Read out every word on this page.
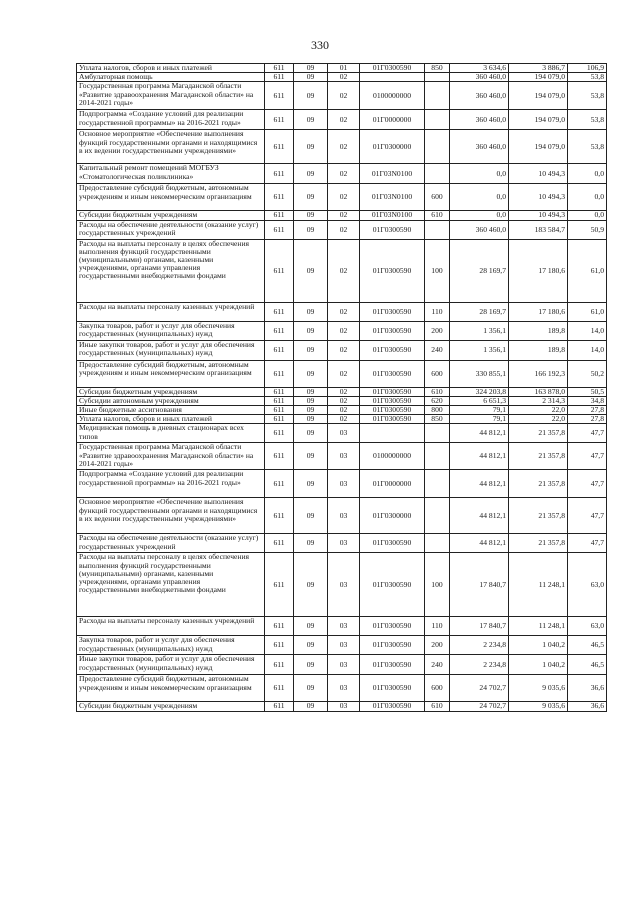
330
Уплата налогов, сборов и иных платежей	611	09	01	01Г0300590	850	3 634,6	3 886,7	106,9
Амбулаторная помощь	611	09	02			360 460,0	194 079,0	53,8
Государственная программа Магаданской области «Развитие здравоохранения Магаданской области» на 2014-2021 годы»	611	09	02	0100000000		360 460,0	194 079,0	53,8
Подпрограмма «Создание условий для реализации государственной программы» на 2016-2021 годы»	611	09	02	01Г0000000		360 460,0	194 079,0	53,8
Основное мероприятие «Обеспечение выполнения функций государственными органами и находящимися в их ведении государственными учреждениями»	611	09	02	01Г0300000		360 460,0	194 079,0	53,8
Капитальный ремонт помещений МОГБУЗ «Стоматологическая поликлиника»	611	09	02	01Г03N0100		0,0	10 494,3	0,0
Предоставление субсидий бюджетным, автономным учреждениям и иным некоммерческим организациям	611	09	02	01Г03N0100	600	0,0	10 494,3	0,0
Субсидии бюджетным учреждениям	611	09	02	01Г03N0100	610	0,0	10 494,3	0,0
Расходы на обеспечение деятельности (оказание услуг) государственных учреждений	611	09	02	01Г0300590		360 460,0	183 584,7	50,9
Расходы на выплаты персоналу в целях обеспечения выполнения функций государственными (муниципальными) органами, казенными учреждениями, органами управления государственными внебюджетными фондами	611	09	02	01Г0300590	100	28 169,7	17 180,6	61,0
Расходы на выплаты персоналу казенных учреждений	611	09	02	01Г0300590	110	28 169,7	17 180,6	61,0
Закупка товаров, работ и услуг для обеспечения государственных (муниципальных) нужд	611	09	02	01Г0300590	200	1 356,1	189,8	14,0
Иные закупки товаров, работ и услуг для обеспечения государственных (муниципальных) нужд	611	09	02	01Г0300590	240	1 356,1	189,8	14,0
Предоставление субсидий бюджетным, автономным учреждениям и иным некоммерческим организациям	611	09	02	01Г0300590	600	330 855,1	166 192,3	50,2
Субсидии бюджетным учреждениям	611	09	02	01Г0300590	610	324 203,8	163 878,0	50,5
Субсидии автономным учреждениям	611	09	02	01Г0300590	620	6 651,3	2 314,3	34,8
Иные бюджетные ассигнования	611	09	02	01Г0300590	800	79,1	22,0	27,8
Уплата налогов, сборов и иных платежей	611	09	02	01Г0300590	850	79,1	22,0	27,8
Медицинская помощь в дневных стационарах всех типов	611	09	03			44 812,1	21 357,8	47,7
Государственная программа Магаданской области «Развитие здравоохранения Магаданской области» на 2014-2021 годы»	611	09	03	0100000000		44 812,1	21 357,8	47,7
Подпрограмма «Создание условий для реализации государственной программы» на 2016-2021 годы»	611	09	03	01Г0000000		44 812,1	21 357,8	47,7
Основное мероприятие «Обеспечение выполнения функций государственными органами и находящимися в их ведении государственными учреждениями»	611	09	03	01Г0300000		44 812,1	21 357,8	47,7
Расходы на обеспечение деятельности (оказание услуг) государственных учреждений	611	09	03	01Г0300590		44 812,1	21 357,8	47,7
Расходы на выплаты персоналу в целях обеспечения выполнения функций государственными (муниципальными) органами, казенными учреждениями, органами управления государственными внебюджетными фондами	611	09	03	01Г0300590	100	17 840,7	11 248,1	63,0
Расходы на выплаты персоналу казенных учреждений	611	09	03	01Г0300590	110	17 840,7	11 248,1	63,0
Закупка товаров, работ и услуг для обеспечения государственных (муниципальных) нужд	611	09	03	01Г0300590	200	2 234,8	1 040,2	46,5
Иные закупки товаров, работ и услуг для обеспечения государственных (муниципальных) нужд	611	09	03	01Г0300590	240	2 234,8	1 040,2	46,5
Предоставление субсидий бюджетным, автономным учреждениям и иным некоммерческим организациям	611	09	03	01Г0300590	600	24 702,7	9 035,6	36,6
Субсидии бюджетным учреждениям	611	09	03	01Г0300590	610	24 702,7	9 035,6	36,6
